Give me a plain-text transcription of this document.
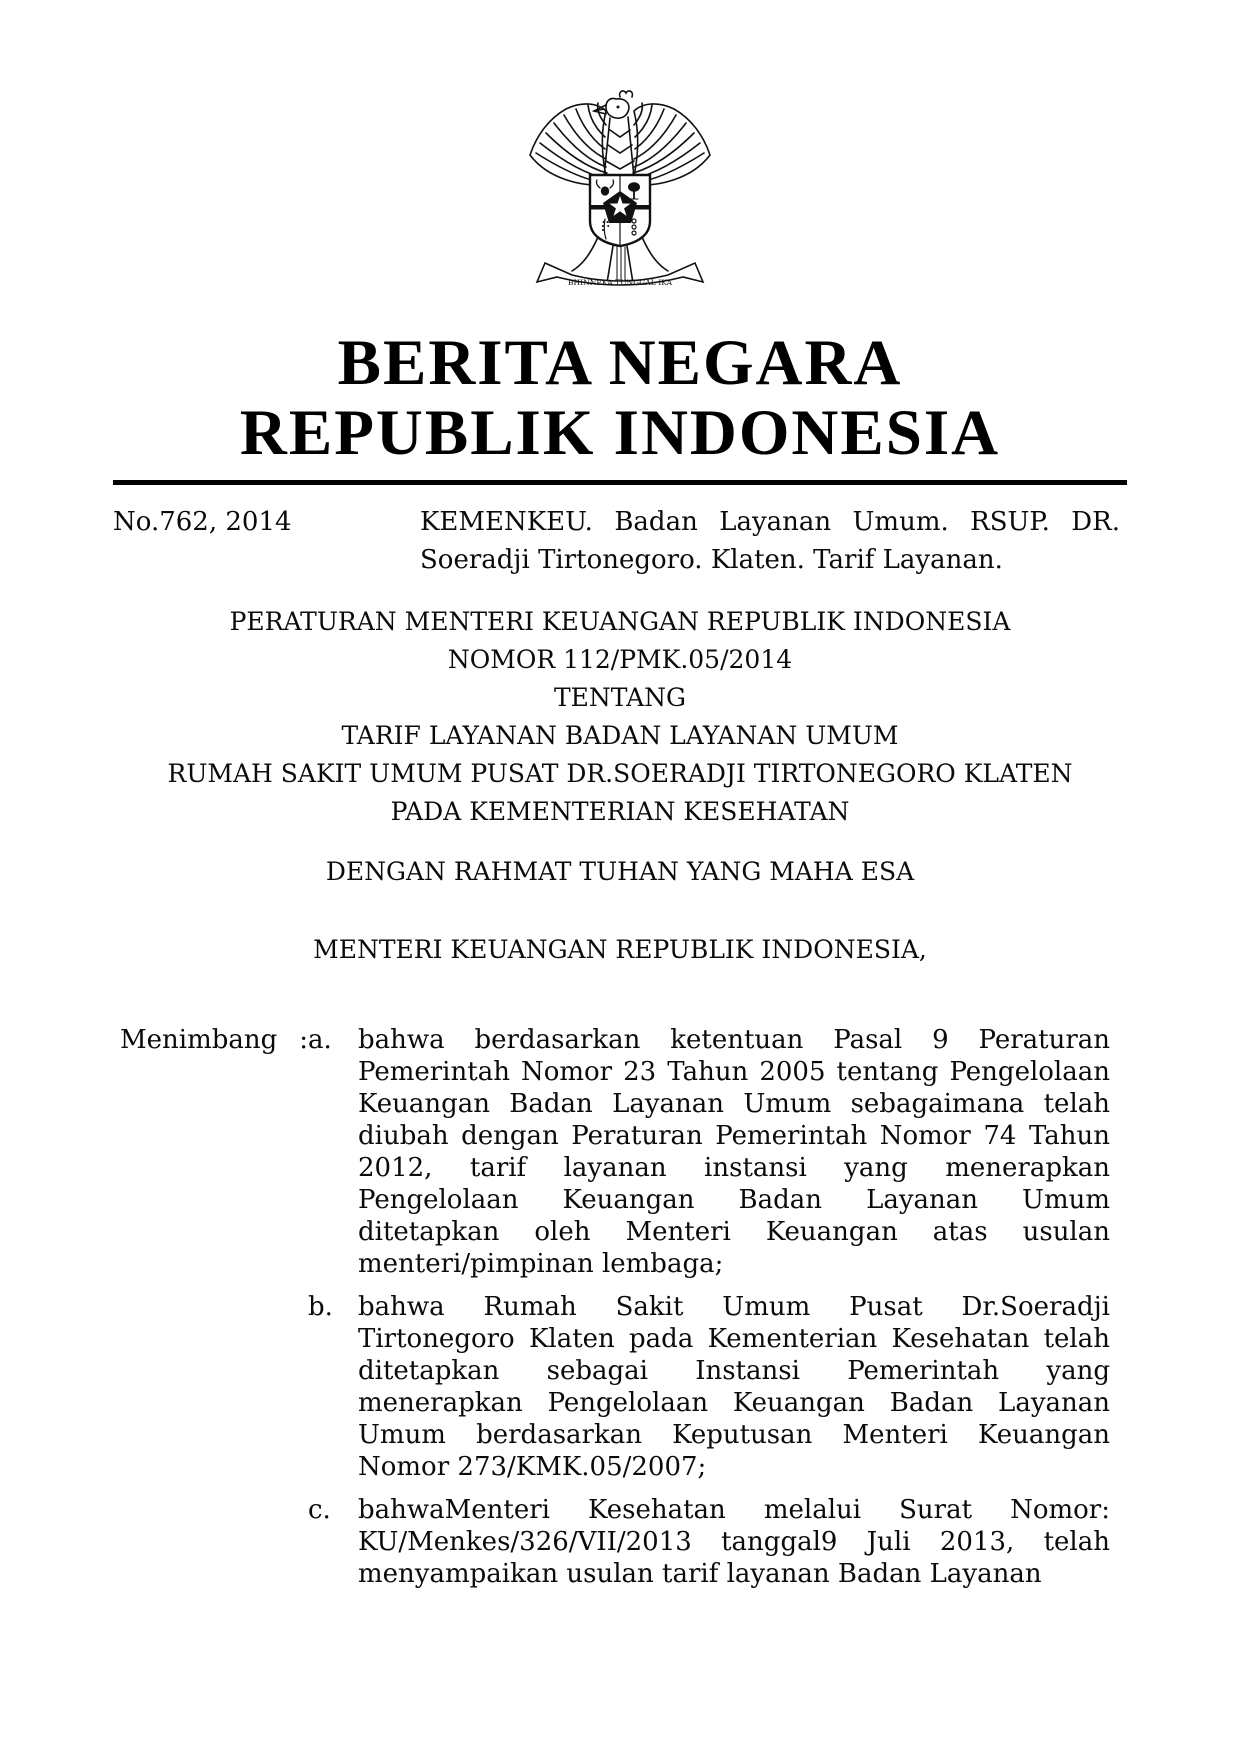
BHINNEKA TUNGGAL IKA
BERITA NEGARA
REPUBLIK INDONESIA
No.762, 2014	KEMENKEU. Badan Layanan Umum. RSUP. DR.
Soeradji Tirtonegoro. Klaten. Tarif Layanan.
PERATURAN MENTERI KEUANGAN REPUBLIK INDONESIA
NOMOR 112/PMK.05/2014
TENTANG
TARIF LAYANAN BADAN LAYANAN UMUM
RUMAH SAKIT UMUM PUSAT DR.SOERADJI TIRTONEGORO KLATEN
PADA KEMENTERIAN KESEHATAN
DENGAN RAHMAT TUHAN YANG MAHA ESA
MENTERI KEUANGAN REPUBLIK INDONESIA,
Menimbang : a.	bahwa berdasarkan ketentuan Pasal 9 Peraturan
Pemerintah Nomor 23 Tahun 2005 tentang Pengelolaan
Keuangan Badan Layanan Umum sebagaimana telah
diubah dengan Peraturan Pemerintah Nomor 74 Tahun
2012, tarif layanan instansi yang menerapkan
Pengelolaan Keuangan Badan Layanan Umum
ditetapkan oleh Menteri Keuangan atas usulan
menteri/pimpinan lembaga;
b. bahwa Rumah Sakit Umum Pusat Dr.Soeradji
Tirtonegoro Klaten pada Kementerian Kesehatan telah
ditetapkan sebagai Instansi Pemerintah yang
menerapkan Pengelolaan Keuangan Badan Layanan
Umum berdasarkan Keputusan Menteri Keuangan
Nomor 273/KMK.05/2007;
c.	bahwaMenteri Kesehatan melalui Surat Nomor:
KU/Menkes/326/VII/2013 tanggal9 Juli 2013, telah
menyampaikan usulan tarif layanan Badan Layanan
